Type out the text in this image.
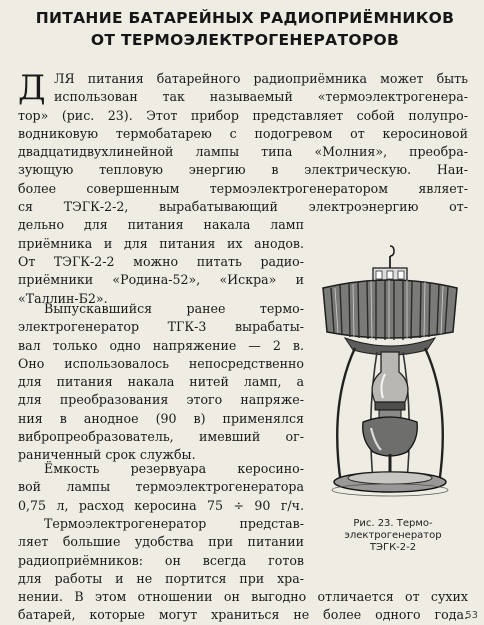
ПИТАНИЕ БАТАРЕЙНЫХ РАДИОПРИЁМНИКОВ
ОТ ТЕРМОЭЛЕКТРОГЕНЕРАТОРОВ
Д ЛЯ питания батарейного радиоприёмника может быть
использован так называемый «термоэлектрогенера-
тор» (рис. 23). Этот прибор представляет собой полупро-
водниковую термобатарею с подогревом от керосиновой
двадцатидвухлинейной лампы типа «Молния», преобра-
зующую тепловую энергию в электрическую. Наи-
более совершенным термоэлектрогенератором являет-
ся ТЭГК-2-2, вырабатывающий электроэнергию от-
дельно для питания накала ламп
приёмника и для питания их анодов.
От ТЭГК-2-2 можно питать радио-
приёмники «Родина-52», «Искра» и
«Таллин-Б2».
Выпускавшийся ранее термо-
электрогенератор ТГК-3 вырабаты-
вал только одно напряжение — 2 в.
Оно использовалось непосредственно
для питания накала нитей ламп, а
для преобразования этого напряже-
ния в анодное (90 в) применялся
вибропреобразователь, имевший ог-
раниченный срок службы.
Ёмкость резервуара керосино-
вой лампы термоэлектрогенератора
0,75 л, расход керосина 75 ÷ 90 г/ч.
Термоэлектрогенератор представ-
ляет большие удобства при питании
радиоприёмников: он всегда готов
для работы и не портится при хра-
нении. В этом отношении он выгодно отличается от сухих
батарей, которые могут храниться не более одного года.
Рис. 23. Термо-
электрогенератор
ТЭГК-2-2
53
